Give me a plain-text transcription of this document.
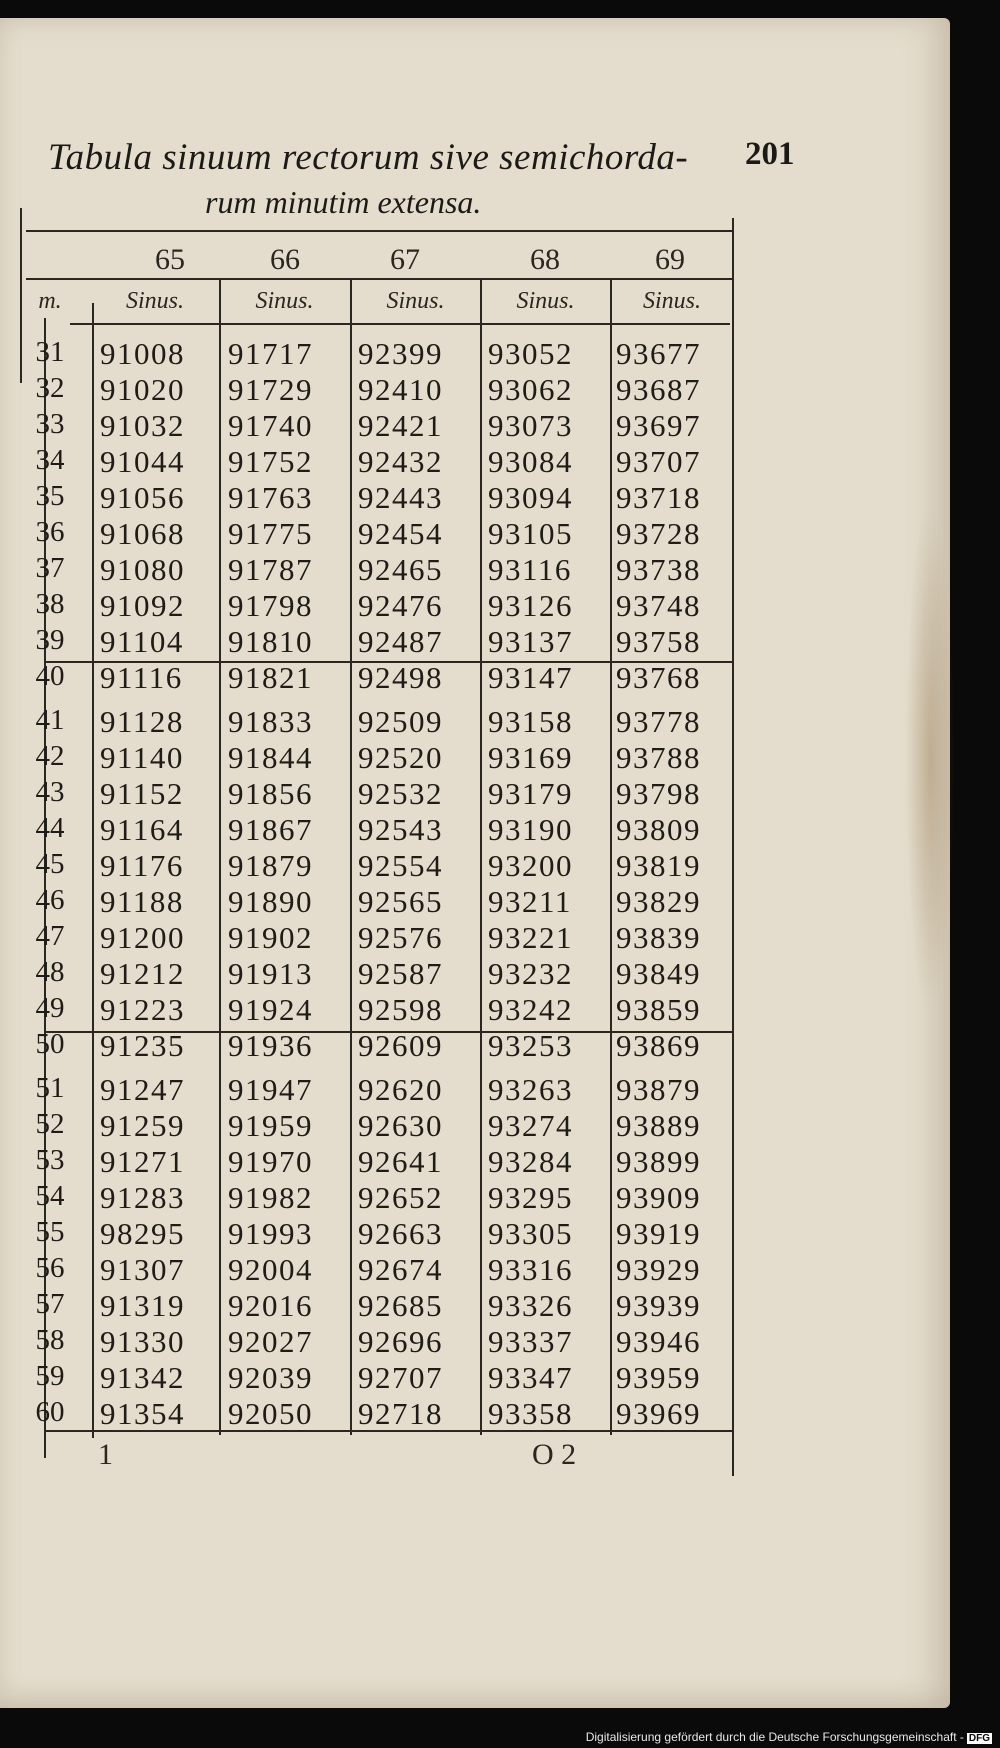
Tabula sinuum rectorum sive semichorda-
rum minutim extensa.
201
65	66	67	68	69
m.	Sinus.	Sinus.	Sinus.	Sinus.	Sinus.
31	91008 91717 92399 93052 93677
32	91020 91729 92410 93062 93687
33	91032 91740 92421 93073 93697
34	91044 91752 92432 93084 93707
35	91056 91763 92443 93094 93718
36	91068 91775 92454 93105 93728
37	91080 91787 92465 93116 93738
38	91092 91798 92476 93126 93748
39	91104 91810 92487 93137 93758
40	91116 91821 92498 93147 93768
41	91128 91833 92509 93158 93778
42	91140 91844 92520 93169 93788
43	91152 91856 92532 93179 93798
44	91164 91867 92543 93190 93809
45	91176 91879 92554 93200 93819
46	91188 91890 92565 93211 93829
47	91200 91902 92576 93221 93839
48	91212 91913 92587 93232 93849
49	91223 91924 92598 93242 93859
50	91235 91936 92609 93253 93869
51	91247 91947 92620 93263 93879
52	91259 91959 92630 93274 93889
53	91271 91970 92641 93284 93899
54	91283 91982 92652 93295 93909
55	98295 91993 92663 93305 93919
56	91307 92004 92674 93316 93929
57	91319 92016 92685 93326 93939
58	91330 92027 92696 93337 93946
59	91342 92039 92707 93347 93959
60	91354 92050 92718 93358 93969
1	O 2
Digitalisierung gefördert durch die Deutsche Forschungsgemeinschaft - DFG
